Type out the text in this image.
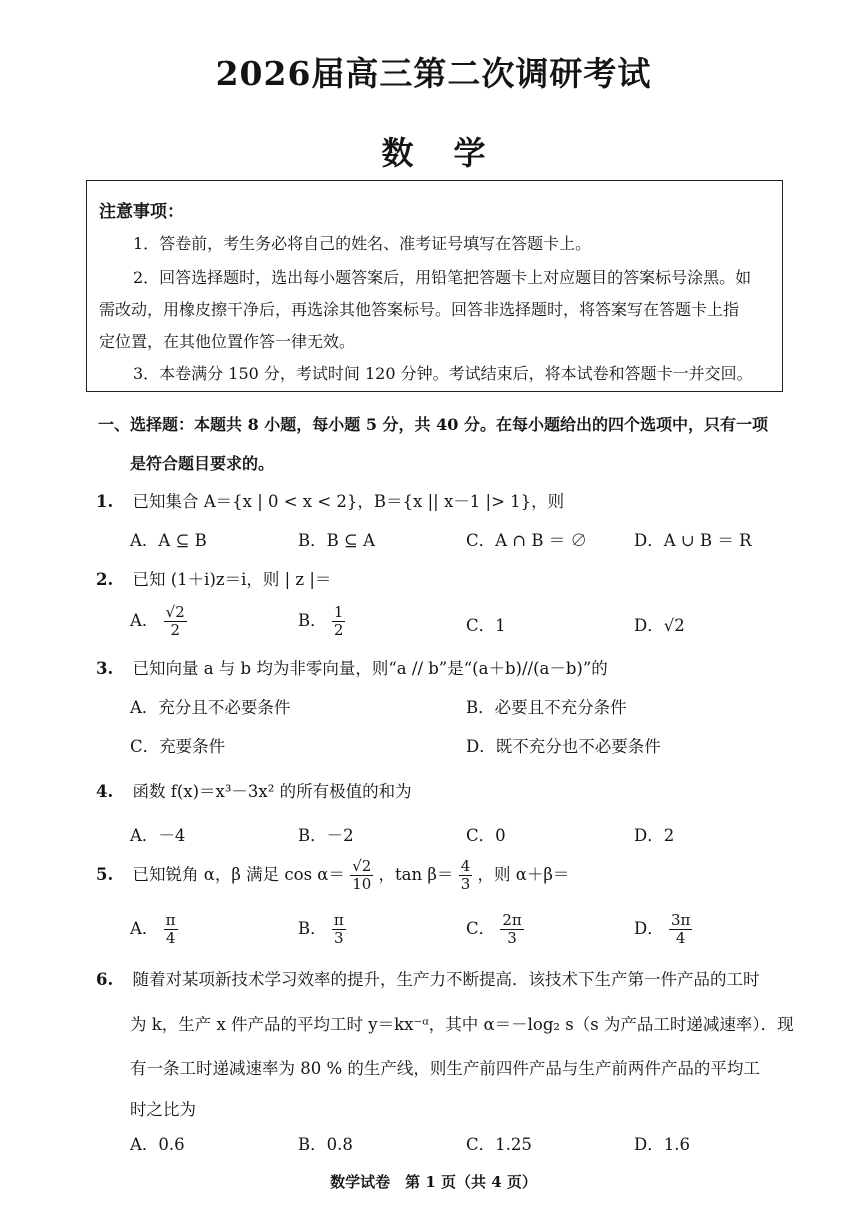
2026届高三第二次调研考试
数学
注意事项：
1．答卷前，考生务必将自己的姓名、准考证号填写在答题卡上。
2．回答选择题时，选出每小题答案后，用铅笔把答题卡上对应题目的答案标号涂黑。如
需改动，用橡皮擦干净后，再选涂其他答案标号。回答非选择题时，将答案写在答题卡上指
定位置，在其他位置作答一律无效。
3．本卷满分 150 分，考试时间 120 分钟。考试结束后，将本试卷和答题卡一并交回。
一、选择题：本题共 8 小题，每小题 5 分，共 40 分。在每小题给出的四个选项中，只有一项
是符合题目要求的。
1. 已知集合 A＝{x | 0 < x < 2}，B＝{x || x－1 |> 1}，则
A．A ⊆ B	B．B ⊆ A	C．A ∩ B ＝ ∅	D．A ∪ B ＝ R
2. 已知 (1＋i)z＝i，则 | z |＝
A． $\frac{√2}{2}$	B． $\frac{1}{2}$	C．1	D．√2
3. 已知向量 a 与 b 均为非零向量，则“a // b”是“(a＋b)//(a－b)”的
A．充分且不必要条件	B．必要且不充分条件
C．充要条件	D．既不充分也不必要条件
4. 函数 f(x)＝x³－3x² 的所有极值的和为
A．－4	B．－2	C．0	D．2
5. 已知锐角 α，β 满足 $\cos \alpha= \frac{√2}{10}$ ，$\tan \beta= \frac{4}{3}$ ，则 α＋β＝
A． $\frac{\pi}{4}$	B． $\frac{\pi}{3}$	C． $\frac{2\pi}{3}$	D． $\frac{3\pi}{4}$
6. 随着对某项新技术学习效率的提升，生产力不断提高．该技术下生产第一件产品的工时
为 k，生产 x 件产品的平均工时 y＝kx⁻ᵅ，其中 α＝－log₂ s（s 为产品工时递减速率）．现
有一条工时递减速率为 80 % 的生产线，则生产前四件产品与生产前两件产品的平均工
时之比为
A．0.6	B．0.8	C．1.25	D．1.6
数学试卷　第 1 页（共 4 页）
